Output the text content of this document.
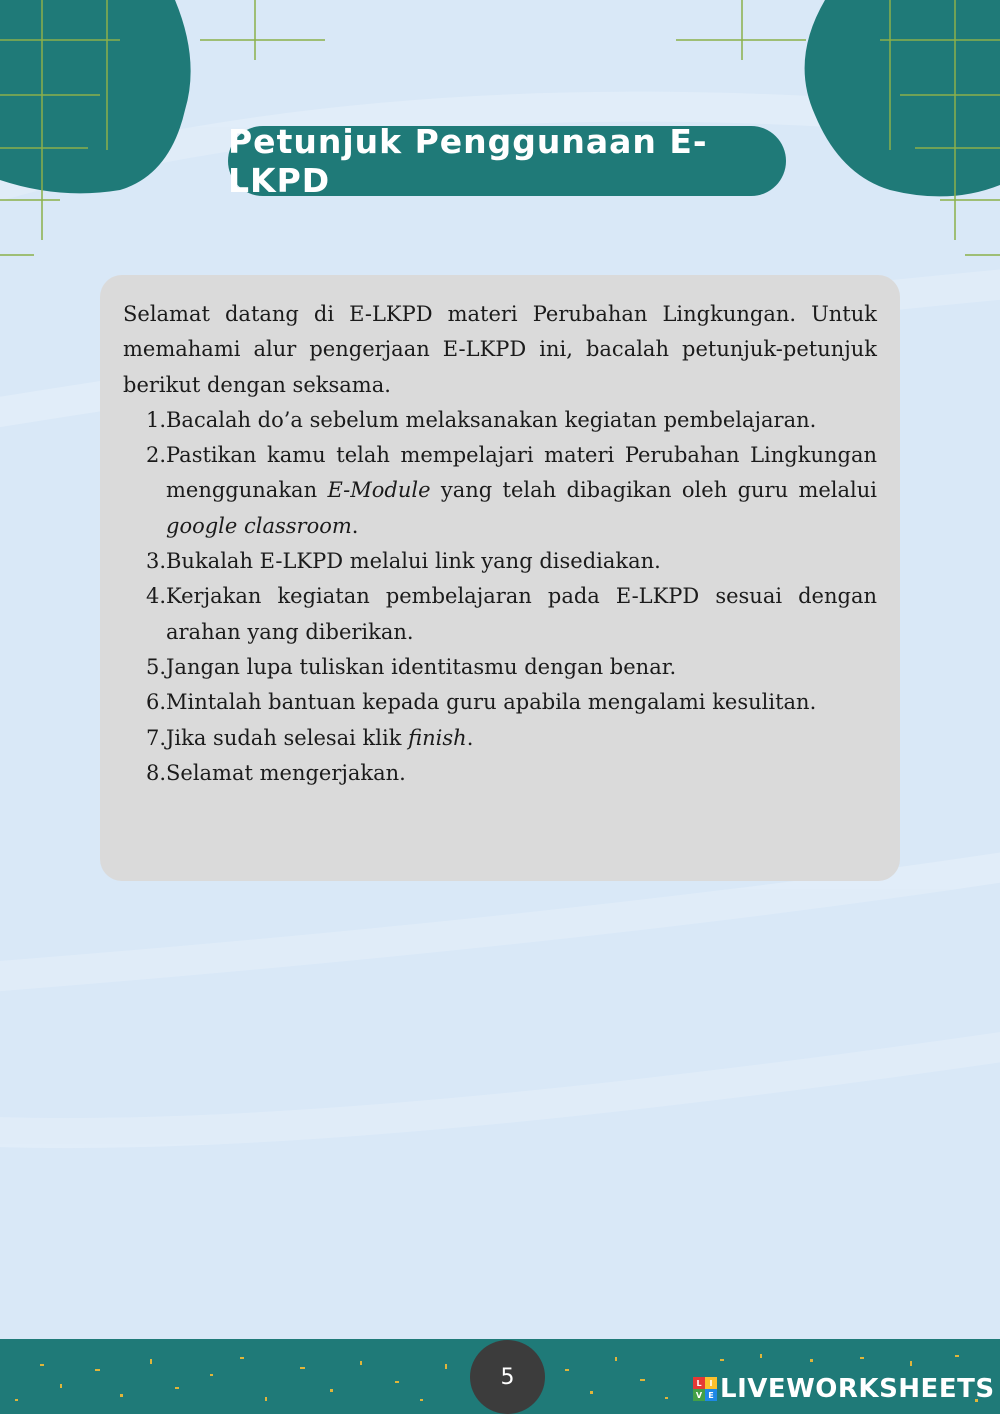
Petunjuk Penggunaan E-LKPD

Selamat datang di E-LKPD materi Perubahan Lingkungan. Untuk memahami alur pengerjaan E-LKPD ini, bacalah petunjuk-petunjuk berikut dengan seksama.

1. Bacalah do’a sebelum melaksanakan kegiatan pembelajaran.
2. Pastikan kamu telah mempelajari materi Perubahan Lingkungan menggunakan E-Module yang telah dibagikan oleh guru melalui google classroom.
3. Bukalah E-LKPD melalui link yang disediakan.
4. Kerjakan kegiatan pembelajaran pada E-LKPD sesuai dengan arahan yang diberikan.
5. Jangan lupa tuliskan identitasmu dengan benar.
6. Mintalah bantuan kepada guru apabila mengalami kesulitan.
7. Jika sudah selesai klik finish.
8. Selamat mengerjakan.
5	L I
V E LIVEWORKSHEETS
